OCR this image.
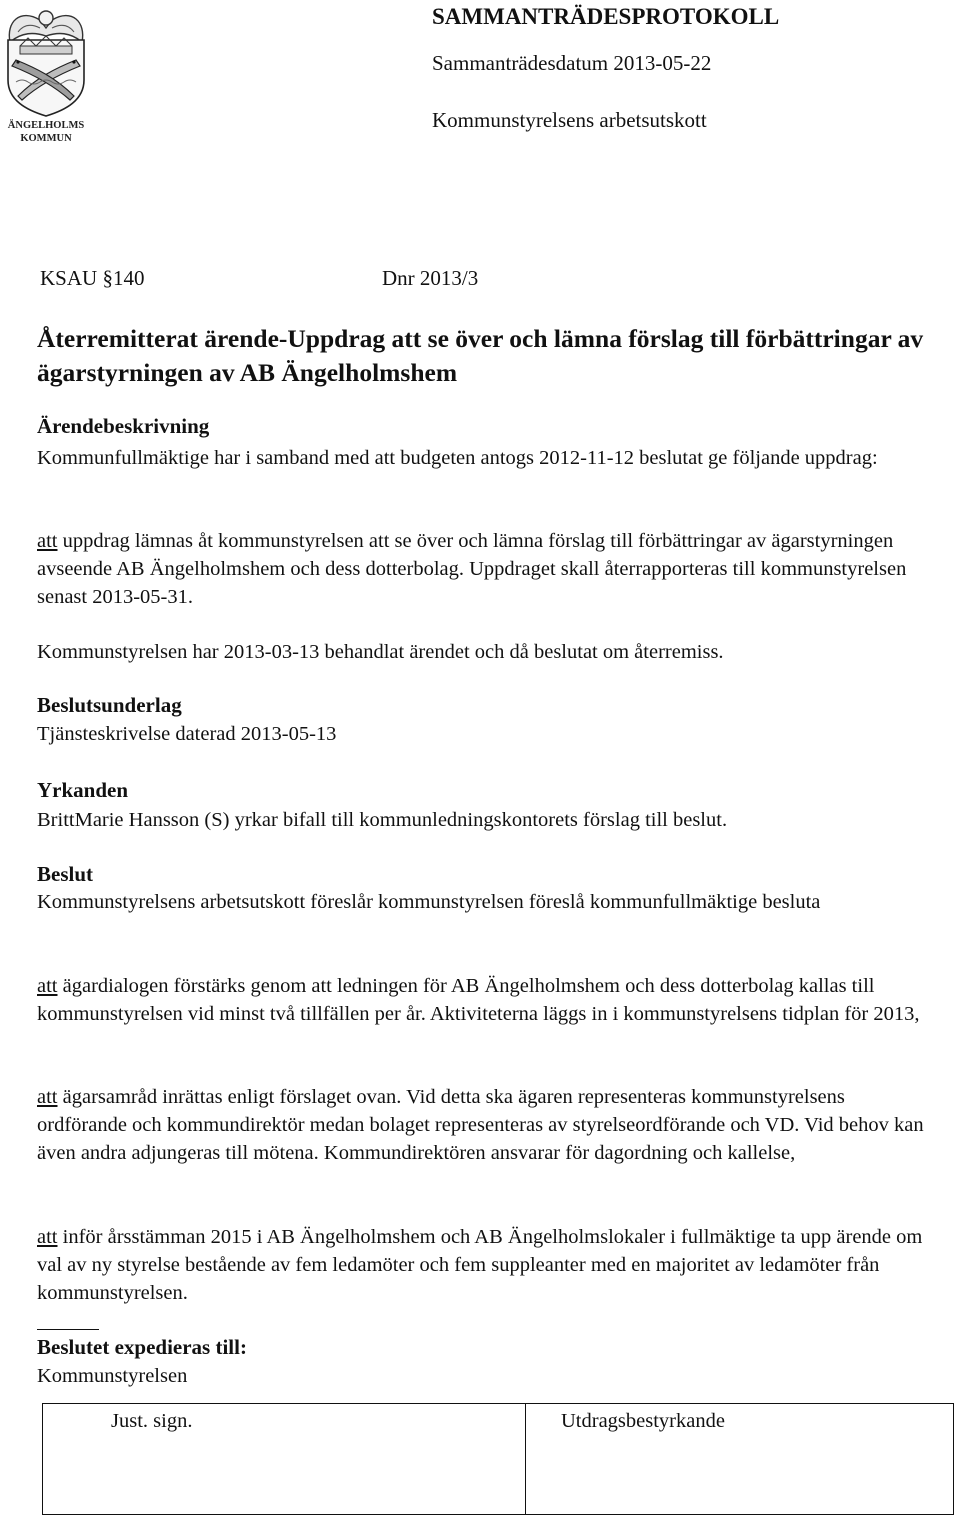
ÄNGELHOLMS
KOMMUN
SAMMANTRÄDESPROTOKOLL
Sammanträdesdatum 2013-05-22
Kommunstyrelsens arbetsutskott
KSAU §140	Dnr 2013/3
Återremitterat ärende-Uppdrag att se över och lämna förslag till förbättringar av ägarstyrningen av AB Ängelholmshem
Ärendebeskrivning
Kommunfullmäktige har i samband med att budgeten antogs 2012-11-12 beslutat ge följande uppdrag:
att uppdrag lämnas åt kommunstyrelsen att se över och lämna förslag till förbättringar av ägarstyrningen avseende AB Ängelholmshem och dess dotterbolag. Uppdraget skall återrapporteras till kommunstyrelsen senast 2013-05-31.
Kommunstyrelsen har 2013-03-13 behandlat ärendet och då beslutat om återremiss.
Beslutsunderlag
Tjänsteskrivelse daterad 2013-05-13
Yrkanden
BrittMarie Hansson (S) yrkar bifall till kommunledningskontorets förslag till beslut.
Beslut
Kommunstyrelsens arbetsutskott föreslår kommunstyrelsen föreslå kommunfullmäktige besluta
att ägardialogen förstärks genom att ledningen för AB Ängelholmshem och dess dotterbolag kallas till kommunstyrelsen vid minst två tillfällen per år. Aktiviteterna läggs in i kommunstyrelsens tidplan för 2013,
att ägarsamråd inrättas enligt förslaget ovan. Vid detta ska ägaren representeras kommunstyrelsens ordförande och kommundirektör medan bolaget representeras av styrelseordförande och VD. Vid behov kan även andra adjungeras till mötena. Kommundirektören ansvarar för dagordning och kallelse,
att inför årsstämman 2015 i AB Ängelholmshem och AB Ängelholmslokaler i fullmäktige ta upp ärende om val av ny styrelse bestående av fem ledamöter och fem suppleanter med en majoritet av ledamöter från kommunstyrelsen.
Beslutet expedieras till:
Kommunstyrelsen
Just. sign.	Utdragsbestyrkande
